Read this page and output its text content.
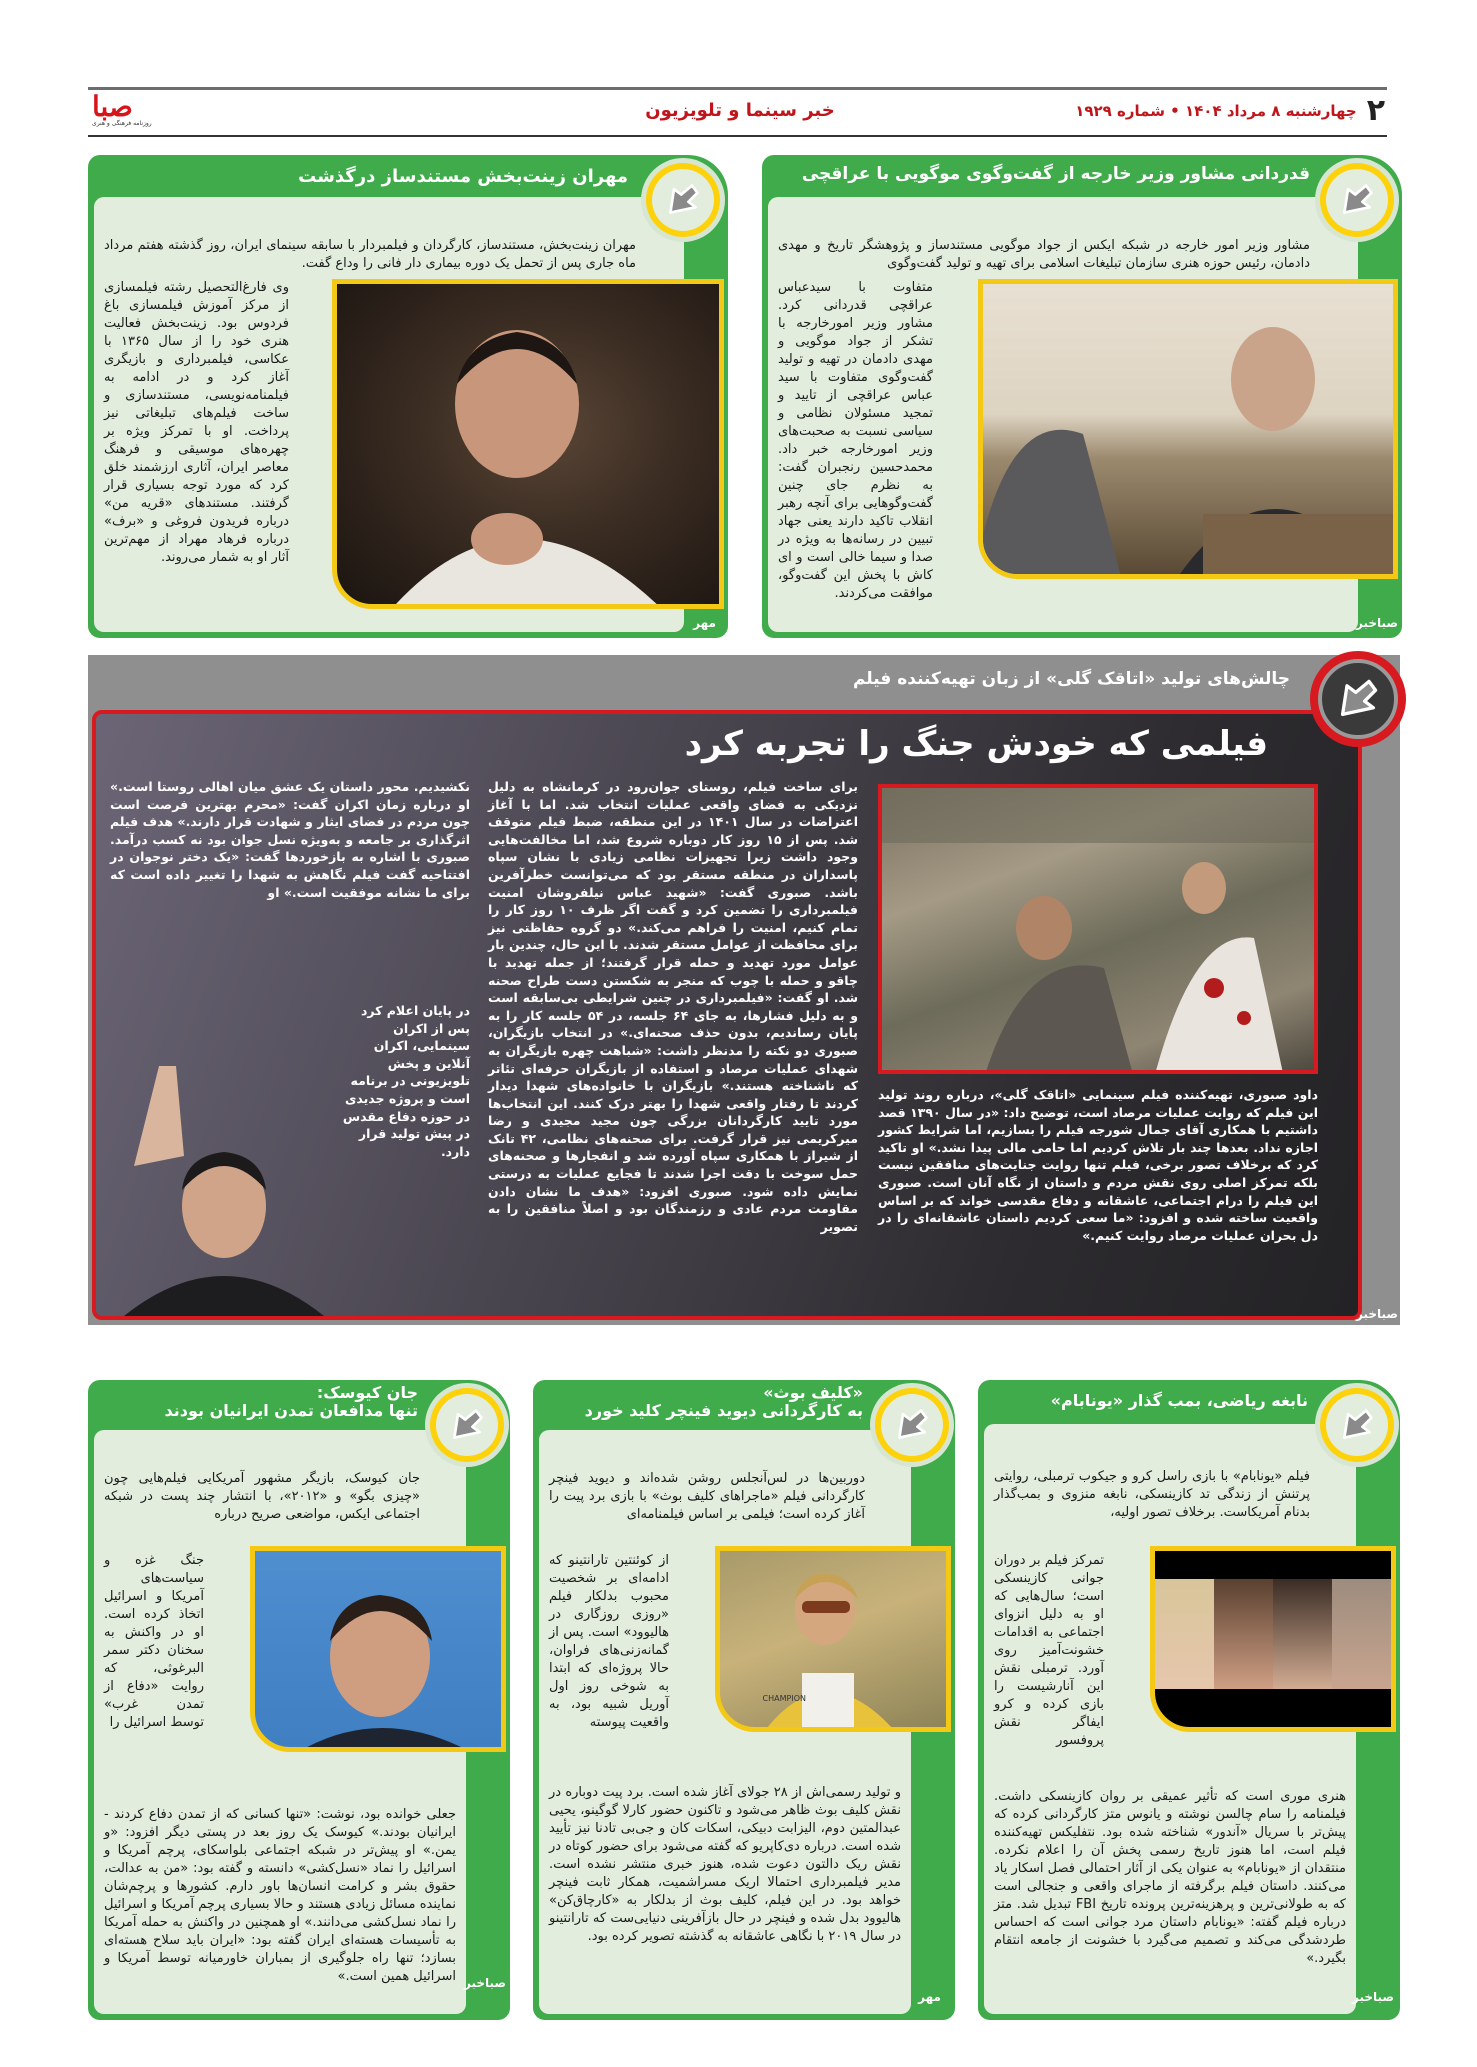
۲
چهارشنبه ۸ مرداد ۱۴۰۴ • شماره ۱۹۲۹
خبر سینما و تلویزیون
صبا
روزنامه فرهنگی و هنری
قدردانی مشاور وزیر خارجه از گفت‌وگوی موگویی با عراقچی
مشاور وزیر امور خارجه در شبکه ایکس از جواد موگویی مستندساز و پژوهشگر تاریخ و مهدی دادمان، رئیس حوزه هنری سازمان تبلیغات اسلامی برای تهیه و تولید گفت‌وگوی
متفاوت با سیدعباس عراقچی قدردانی کرد. مشاور وزیر امورخارجه با تشکر از جواد موگویی و مهدی دادمان در تهیه و تولید گفت‌وگوی متفاوت با سید عباس عراقچی از تایید و تمجید مسئولان نظامی و سیاسی نسبت به صحبت‌های وزیر امورخارجه خبر داد. محمدحسین رنجبران گفت: به نظرم جای چنین گفت‌وگوهایی برای آنچه رهبر انقلاب تاکید دارند یعنی جهاد تبیین در رسانه‌ها به ویژه در صدا و سیما خالی است و ای کاش با پخش این گفت‌وگو، موافقت می‌کردند.
صباخبر
مهران زینت‌بخش مستندساز درگذشت
مهران زینت‌بخش، مستندساز، کارگردان و فیلمبردار با سابقه سینمای ایران، روز گذشته هفتم مرداد ماه جاری پس از تحمل یک دوره بیماری دار فانی را وداع گفت.
وی فارغ‌التحصیل رشته فیلمسازی از مرکز آموزش فیلمسازی باغ فردوس بود. زینت‌بخش فعالیت هنری خود را از سال ۱۳۶۵ با عکاسی، فیلمبرداری و بازیگری آغاز کرد و در ادامه به فیلمنامه‌نویسی، مستندسازی و ساخت فیلم‌های تبلیغاتی نیز پرداخت. او با تمرکز ویژه بر چهره‌های موسیقی و فرهنگ معاصر ایران، آثاری ارزشمند خلق کرد که مورد توجه بسیاری قرار گرفتند. مستندهای «قریه من» درباره فریدون فروغی و «برف» درباره فرهاد مهراد از مهم‌ترین آثار او به شمار می‌روند.
مهر
چالش‌های تولید «اتاقک گلی» از زبان تهیه‌کننده فیلم
فیلمی که خودش جنگ را تجربه کرد
داود صبوری، تهیه‌کننده فیلم سینمایی «اتاقک گلی»، درباره روند تولید این فیلم که روایت عملیات مرصاد است، توضیح داد: «در سال ۱۳۹۰ قصد داشتیم با همکاری آقای جمال شورجه فیلم را بسازیم، اما شرایط کشور اجازه نداد. بعدها چند بار تلاش کردیم اما حامی مالی پیدا نشد.» او تاکید کرد که برخلاف تصور برخی، فیلم تنها روایت جنایت‌های منافقین نیست بلکه تمرکز اصلی روی نقش مردم و داستان از نگاه آنان است. صبوری این فیلم را درام اجتماعی، عاشقانه و دفاع مقدسی خواند که بر اساس واقعیت ساخته شده و افزود: «ما سعی کردیم داستان عاشقانه‌ای را در دل بحران عملیات مرصاد روایت کنیم.»
برای ساخت فیلم، روستای جوان‌رود در کرمانشاه به دلیل نزدیکی به فضای واقعی عملیات انتخاب شد. اما با آغاز اعتراضات در سال ۱۴۰۱ در این منطقه، ضبط فیلم متوقف شد. پس از ۱۵ روز کار دوباره شروع شد، اما مخالفت‌هایی وجود داشت زیرا تجهیزات نظامی زیادی با نشان سپاه پاسداران در منطقه مستقر بود که می‌توانست خطرآفرین باشد. صبوری گفت: «شهید عباس نیلفروشان امنیت فیلمبرداری را تضمین کرد و گفت اگر ظرف ۱۰ روز کار را تمام کنیم، امنیت را فراهم می‌کند.» دو گروه حفاظتی نیز برای محافظت از عوامل مستقر شدند. با این حال، چندین بار عوامل مورد تهدید و حمله قرار گرفتند؛ از جمله تهدید با چاقو و حمله با چوب که منجر به شکستن دست طراح صحنه شد. او گفت: «فیلمبرداری در چنین شرایطی بی‌سابقه است و به دلیل فشارها، به جای ۶۴ جلسه، در ۵۴ جلسه کار را به پایان رساندیم، بدون حذف صحنه‌ای.» در انتخاب بازیگران، صبوری دو نکته را مدنظر داشت: «شباهت چهره بازیگران به شهدای عملیات مرصاد و استفاده از بازیگران حرفه‌ای تئاتر که ناشناخته هستند.» بازیگران با خانواده‌های شهدا دیدار کردند تا رفتار واقعی شهدا را بهتر درک کنند. این انتخاب‌ها مورد تایید کارگردانان بزرگی چون مجید مجیدی و رضا میرکریمی نیز قرار گرفت. برای صحنه‌های نظامی، ۴۲ تانک از شیراز با همکاری سپاه آورده شد و انفجارها و صحنه‌های حمل سوخت با دقت اجرا شدند تا فجایع عملیات به درستی نمایش داده شود. صبوری افزود: «هدف ما نشان دادن مقاومت مردم عادی و رزمندگان بود و اصلاً منافقین را به تصویر
نکشیدیم. محور داستان یک عشق میان اهالی روستا است.» او درباره زمان اکران گفت: «محرم بهترین فرصت است چون مردم در فضای ایثار و شهادت قرار دارند.» هدف فیلم اثرگذاری بر جامعه و به‌ویژه نسل جوان بود نه کسب درآمد. صبوری با اشاره به بازخوردها گفت: «یک دختر نوجوان در افتتاحیه گفت فیلم نگاهش به شهدا را تغییر داده است که برای ما نشانه موفقیت است.» او
در پایان اعلام کرد پس از اکران سینمایی، اکران آنلاین و پخش تلویزیونی در برنامه است و پروژه جدیدی در حوزه دفاع مقدس در پیش تولید قرار دارد.
صباخبر
نابغه ریاضی، بمب گذار «یونابام»
فیلم «یونابام» با بازی راسل کرو و جیکوب ترمبلی، روایتی پرتنش از زندگی تد کازینسکی، نابغه منزوی و بمب‌گذار بدنام آمریکاست. برخلاف تصور اولیه،
تمرکز فیلم بر دوران جوانی کازینسکی است؛ سال‌هایی که او به دلیل انزوای اجتماعی به اقدامات خشونت‌آمیز روی آورد. ترمبلی نقش این آنارشیست را بازی کرده و کرو ایفاگر نقش پروفسور
هنری موری است که تأثیر عمیقی بر روان کازینسکی داشت. فیلمنامه را سام چالسن نوشته و یانوس متز کارگردانی کرده که پیش‌تر با سریال «آندور» شناخته شده بود. نتفلیکس تهیه‌کننده فیلم است، اما هنوز تاریخ رسمی پخش آن را اعلام نکرده. منتقدان از «یونابام» به عنوان یکی از آثار احتمالی فصل اسکار یاد می‌کنند. داستان فیلم برگرفته از ماجرای واقعی و جنجالی است که به طولانی‌ترین و پرهزینه‌ترین پرونده تاریخ FBI تبدیل شد. متز درباره فیلم گفته: «یونابام داستان مرد جوانی است که احساس طردشدگی می‌کند و تصمیم می‌گیرد با خشونت از جامعه انتقام بگیرد.»
صباخبر
«کلیف بوث»
به کارگردانی دیوید فینچر کلید خورد
دوربین‌ها در لس‌آنجلس روشن شده‌اند و دیوید فینچر کارگردانی فیلم «ماجراهای کلیف بوث» با بازی برد پیت را آغاز کرده است؛ فیلمی بر اساس فیلمنامه‌ای
از کوئنتین تارانتینو که ادامه‌ای بر شخصیت محبوب بدلکار فیلم «روزی روزگاری در هالیوود» است. پس از گمانه‌زنی‌های فراوان، حالا پروژه‌ای که ابتدا به شوخی روز اول آوریل شبیه بود، به واقعیت پیوسته
و تولید رسمی‌اش از ۲۸ جولای آغاز شده است. برد پیت دوباره در نقش کلیف بوث ظاهر می‌شود و تاکنون حضور کارلا گوگینو، یحیی عبدالمتین دوم، الیزابت دبیکی، اسکات کان و جی‌بی تادنا نیز تأیید شده است. درباره دی‌کاپریو که گفته می‌شود برای حضور کوتاه در نقش ریک دالتون دعوت شده، هنوز خبری منتشر نشده است. مدیر فیلمبرداری احتمالا اریک مسراشمیت، همکار ثابت فینچر خواهد بود. در این فیلم، کلیف بوث از بدلکار به «کارچاق‌کن» هالیوود بدل شده و فینچر در حال بازآفرینی دنیایی‌ست که تارانتینو در سال ۲۰۱۹ با نگاهی عاشقانه به گذشته تصویر کرده بود.
CHAMPION
مهر
جان کیوسک:
تنها مدافعان تمدن ایرانیان بودند
جان کیوسک، بازیگر مشهور آمریکایی فیلم‌هایی چون «چیزی بگو» و «۲۰۱۲»، با انتشار چند پست در شبکه اجتماعی ایکس، مواضعی صریح درباره
جنگ غزه و سیاست‌های آمریکا و اسرائیل اتخاذ کرده است. او در واکنش به سخنان دکتر سمر البرغوثی، که روایت «دفاع از تمدن غرب» توسط اسرائیل را
جعلی خوانده بود، نوشت: «تنها کسانی که از تمدن دفاع کردند - ایرانیان بودند.» کیوسک یک روز بعد در پستی دیگر افزود: «و یمن.» او پیش‌تر در شبکه اجتماعی بلواسکای، پرچم آمریکا و اسرائیل را نماد «نسل‌کشی» دانسته و گفته بود: «من به عدالت، حقوق بشر و کرامت انسان‌ها باور دارم. کشورها و پرچم‌شان نماینده مسائل زیادی هستند و حالا بسیاری پرچم آمریکا و اسرائیل را نماد نسل‌کشی می‌دانند.» او همچنین در واکنش به حمله آمریکا به تأسیسات هسته‌ای ایران گفته بود: «ایران باید سلاح هسته‌ای بسازد؛ تنها راه جلوگیری از بمباران خاورمیانه توسط آمریکا و اسرائیل همین است.» صباخبر
